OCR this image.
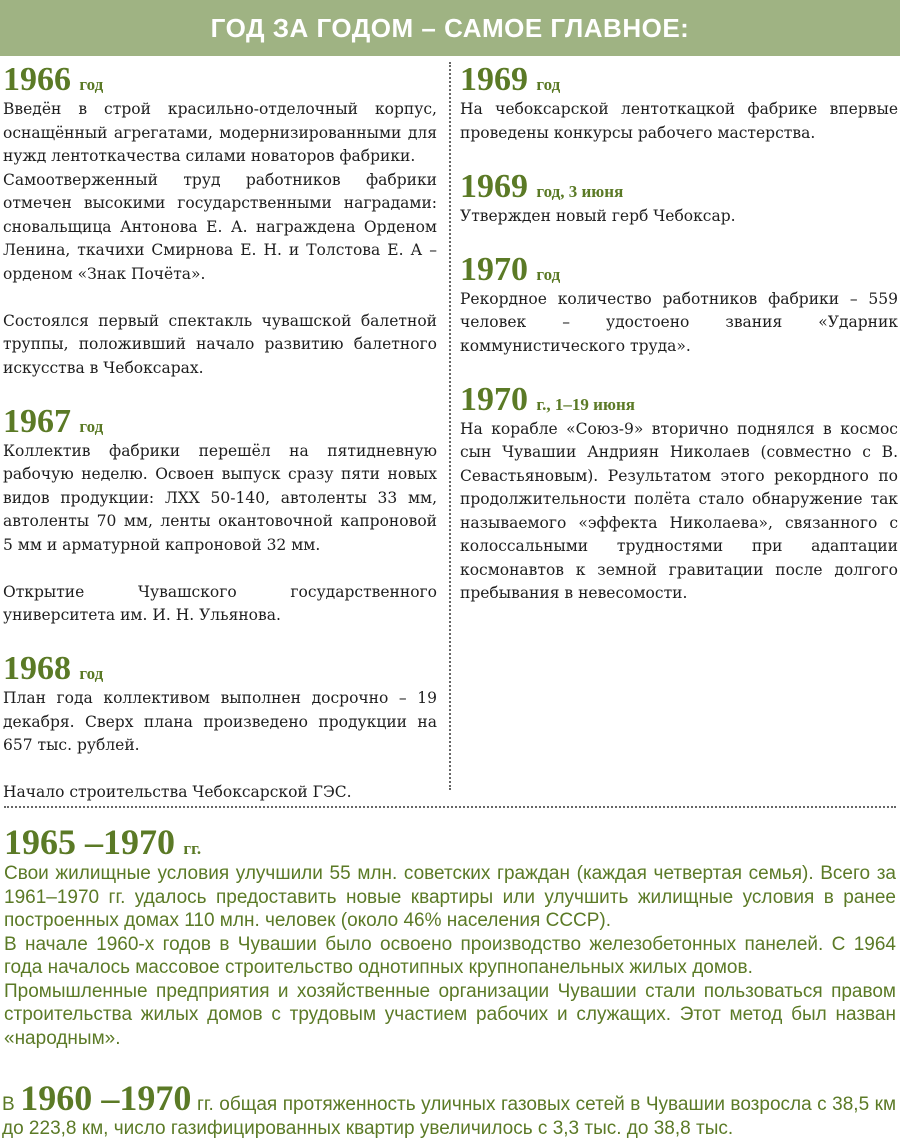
ГОД ЗА ГОДОМ – САМОЕ ГЛАВНОЕ:
1966 год

Введён в строй красильно-отделочный корпус, оснащённый агрегатами, модернизированными для нужд лентоткачества силами новаторов фабрики.

Самоотверженный труд работников фабрики отмечен высокими государственными наградами: сновальщица Антонова Е. А. награждена Орденом Ленина, ткачихи Смирнова Е. Н. и Толстова Е. А – орденом «Знак Почёта».

Состоялся первый спектакль чувашской балетной труппы, положивший начало развитию балетного искусства в Чебоксарах.

1967 год

Коллектив фабрики перешёл на пятидневную рабочую неделю. Освоен выпуск сразу пяти новых видов продукции: ЛХХ 50-140, автоленты 33 мм, автоленты 70 мм, ленты окантовочной капроновой 5 мм и арматурной капроновой 32 мм.

Открытие Чувашского государственного университета им. И. Н. Ульянова.

1968 год

План года коллективом выполнен досрочно – 19 декабря. Сверх плана произведено продукции на 657 тыс. рублей.

Начало строительства Чебоксарской ГЭС.

1969 год

На чебоксарской лентоткацкой фабрике впервые проведены конкурсы рабочего мастерства.

1969 год, 3 июня

Утвержден новый герб Чебоксар.

1970 год

Рекордное количество работников фабрики – 559 человек – удостоено звания «Ударник коммунистического труда».

1970 г., 1–19 июня

На корабле «Союз-9» вторично поднялся в космос сын Чувашии Андриян Николаев (совместно с В. Севастьяновым). Результатом этого рекордного по продолжительности полёта стало обнаружение так называемого «эффекта Николаева», связанного с колоссальными трудностями при адаптации космонавтов к земной гравитации после долгого пребывания в невесомости.

1965 –1970 гг.

Свои жилищные условия улучшили 55 млн. советских граждан (каждая четвертая семья). Всего за 1961–1970 гг. удалось предоставить новые квартиры или улучшить жилищные условия в ранее построенных домах 110 млн. человек (около 46% населения СССР).

В начале 1960-х годов в Чувашии было освоено производство железобетонных панелей. С 1964 года началось массовое строительство однотипных крупнопанельных жилых домов.

Промышленные предприятия и хозяйственные организации Чувашии стали пользоваться правом строительства жилых домов с трудовым участием рабочих и служащих. Этот метод был назван «народным».

В 1960 –1970 гг. общая протяженность уличных газовых сетей в Чувашии возросла с 38,5 км до 223,8 км, число газифицированных квартир увеличилось с 3,3 тыс. до 38,8 тыс.
